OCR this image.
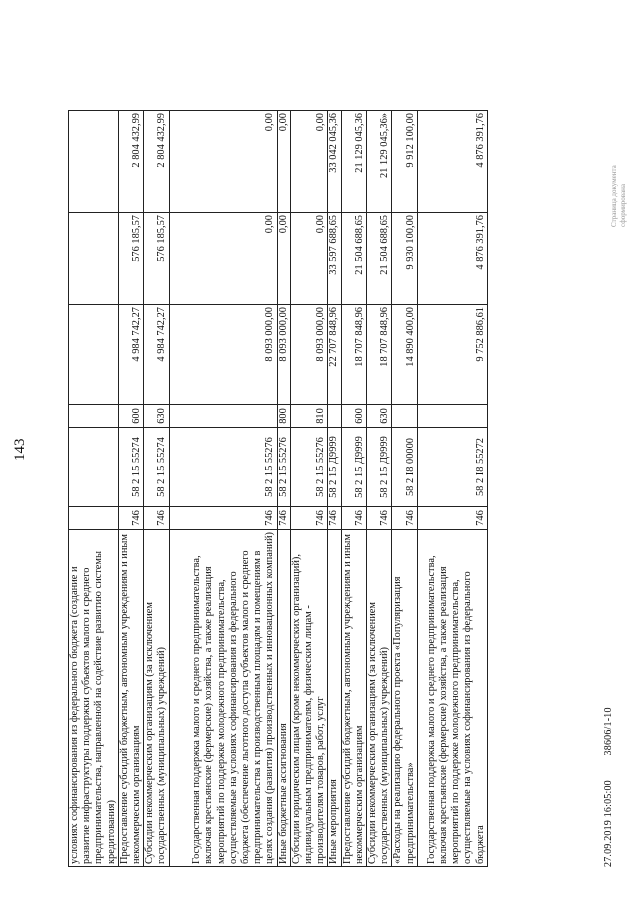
143
условиях софинансирования из федерального бюджета (создание и развитие инфраструктуры поддержки субъектов малого и среднего предпринимательства, направленной на содействие развитию системы кредитования)						
Предоставление субсидий бюджетным, автономным учреждениям и иным некоммерческим организациям	746	58 2 15 55274	600	4 984 742,27	576 185,57	2 804 432,99
Субсидии некоммерческим организациям (за исключением государственных (муниципальных) учреждений)	746	58 2 15 55274	630	4 984 742,27	576 185,57	2 804 432,99
Государственная поддержка малого и среднего предпринимательства, включая крестьянские (фермерские) хозяйства, а также реализация мероприятий по поддержке молодежного предпринимательства, осуществляемые на условиях софинансирования из федерального бюджета (обеспечение льготного доступа субъектов малого и среднего предпринимательства к производственным площадям и помещениям в целях создания (развития) производственных и инновационных компаний)	746	58 2 15 55276		8 093 000,00	0,00	0,00
Иные бюджетные ассигнования	746	58 2 15 55276	800	8 093 000,00	0,00	0,00
Субсидии юридическим лицам (кроме некоммерческих организаций), индивидуальным предпринимателям, физическим лицам - производителям товаров, работ, услуг	746	58 2 15 55276	810	8 093 000,00	0,00	0,00
Иные мероприятия	746	58 2 15 Д9999		22 707 848,96	33 597 688,65	33 042 045,36
Предоставление субсидий бюджетным, автономным учреждениям и иным некоммерческим организациям	746	58 2 15 Д9999	600	18 707 848,96	21 504 688,65	21 129 045,36
Субсидии некоммерческим организациям (за исключением государственных (муниципальных) учреждений)	746	58 2 15 Д9999	630	18 707 848,96	21 504 688,65	21 129 045,36»
«Расходы на реализацию федерального проекта «Популяризация предпринимательства»	746	58 2 I8 00000		14 890 400,00	9 930 100,00	9 912 100,00
Государственная поддержка малого и среднего предпринимательства, включая крестьянские (фермерские) хозяйства, а также реализация мероприятий по поддержке молодежного предпринимательства, осуществляемые на условиях софинансирования из федерального бюджета	746	58 2 I8 55272		9 752 886,61	4 876 391,76	4 876 391,76
27.09.2019 16:05:00 38606/1-10
Страница документа сформирована
